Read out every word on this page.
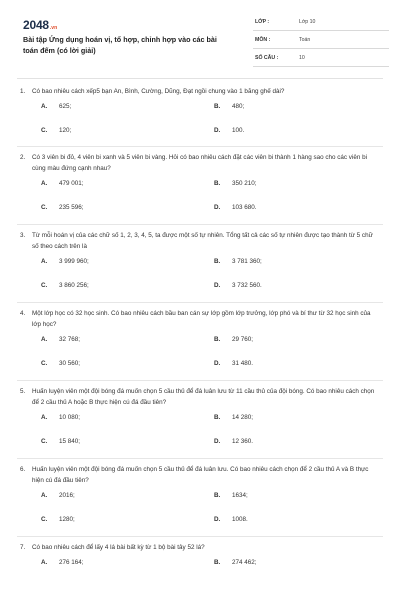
2048 .vn
Bài tập Ứng dụng hoán vị, tổ hợp, chỉnh hợp vào các bài toán đếm (có lời giải)
LỚP :	Lớp 10
MÔN :	Toán
SỐ CÂU :	10
1. Có bao nhiêu cách xếp5 bạn An, Bình, Cường, Dũng, Đạt ngồi chung vào 1 băng ghế dài?
A. 625;	B. 480;
C. 120;	D. 100.
2. Có 3 viên bi đỏ, 4 viên bi xanh và 5 viên bi vàng. Hỏi có bao nhiêu cách đặt các viên bi thành 1 hàng sao cho các viên bi cùng màu đứng cạnh nhau?
A. 479 001;	B. 350 210;
C. 235 596;	D. 103 680.
3. Từ mỗi hoán vị của các chữ số 1, 2, 3, 4, 5, ta được một số tự nhiên. Tổng tất cả các số tự nhiên được tạo thành từ 5 chữ số theo cách trên là
A. 3 999 960;	B. 3 781 360;
C. 3 860 256;	D. 3 732 560.
4. Một lớp học có 32 học sinh. Có bao nhiêu cách bầu ban cán sự lớp gồm lớp trưởng, lớp phó và bí thư từ 32 học sinh của lớp học?
A. 32 768;	B. 29 760;
C. 30 560;	D. 31 480.
5. Huấn luyện viên một đội bóng đá muốn chọn 5 cầu thủ để đá luân lưu từ 11 cầu thủ của đội bóng. Có bao nhiêu cách chọn để 2 cầu thủ A hoặc B thực hiện cú đá đầu tiên?
A. 10 080;	B. 14 280;
C. 15 840;	D. 12 360.
6. Huấn luyện viên một đội bóng đá muốn chọn 5 cầu thủ để đá luân lưu. Có bao nhiêu cách chọn để 2 cầu thủ A và B thực hiện cú đá đầu tiên?
A. 2016;	B. 1634;
C. 1280;	D. 1008.
7. Có bao nhiêu cách để lấy 4 lá bài bất kỳ từ 1 bộ bài tây 52 lá?
A. 276 164;	B. 274 462;
